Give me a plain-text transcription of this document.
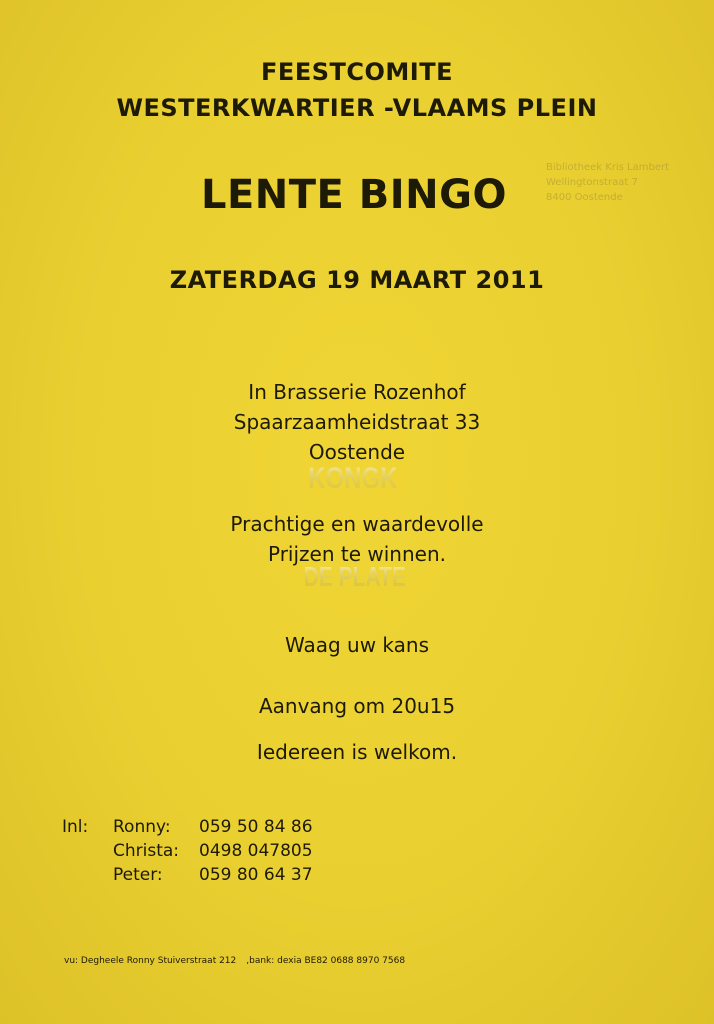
FEESTCOMITE
WESTERKWARTIER -VLAAMS PLEIN
Bibliotheek Kris Lambert
Wellingtonstraat 7
8400 Oostende
LENTE BINGO
ZATERDAG 19 MAART 2011
In Brasserie Rozenhof
Spaarzaamheidstraat 33
Oostende
Prachtige en waardevolle
Prijzen te winnen.
KONGK
DE PLATE
Waag uw kans
Aanvang om 20u15
Iedereen is welkom.
Inl: Ronny: 059 50 84 86
Christa: 0498 047805
Peter: 059 80 64 37
vu: Degheele Ronny Stuiverstraat 212 ,bank: dexia BE82 0688 8970 7568
